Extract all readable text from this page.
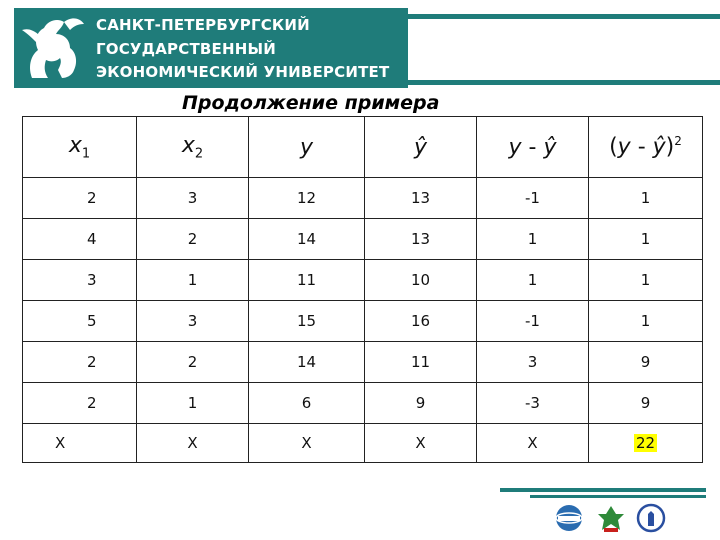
САНКТ-ПЕТЕРБУРГСКИЙ
ГОСУДАРСТВЕННЫЙ
ЭКОНОМИЧЕСКИЙ УНИВЕРСИТЕТ
Продолжение примера
$x_1$	$x_2$	y	ŷ	y - ŷ	(y - ŷ)$^2$
2	3	12	13	-1	1
4	2	14	13	1	1
3	1	11	10	1	1
5	3	15	16	-1	1
2	2	14	11	3	9
2	1	6	9	-3	9
X	X	X	X	X	22
